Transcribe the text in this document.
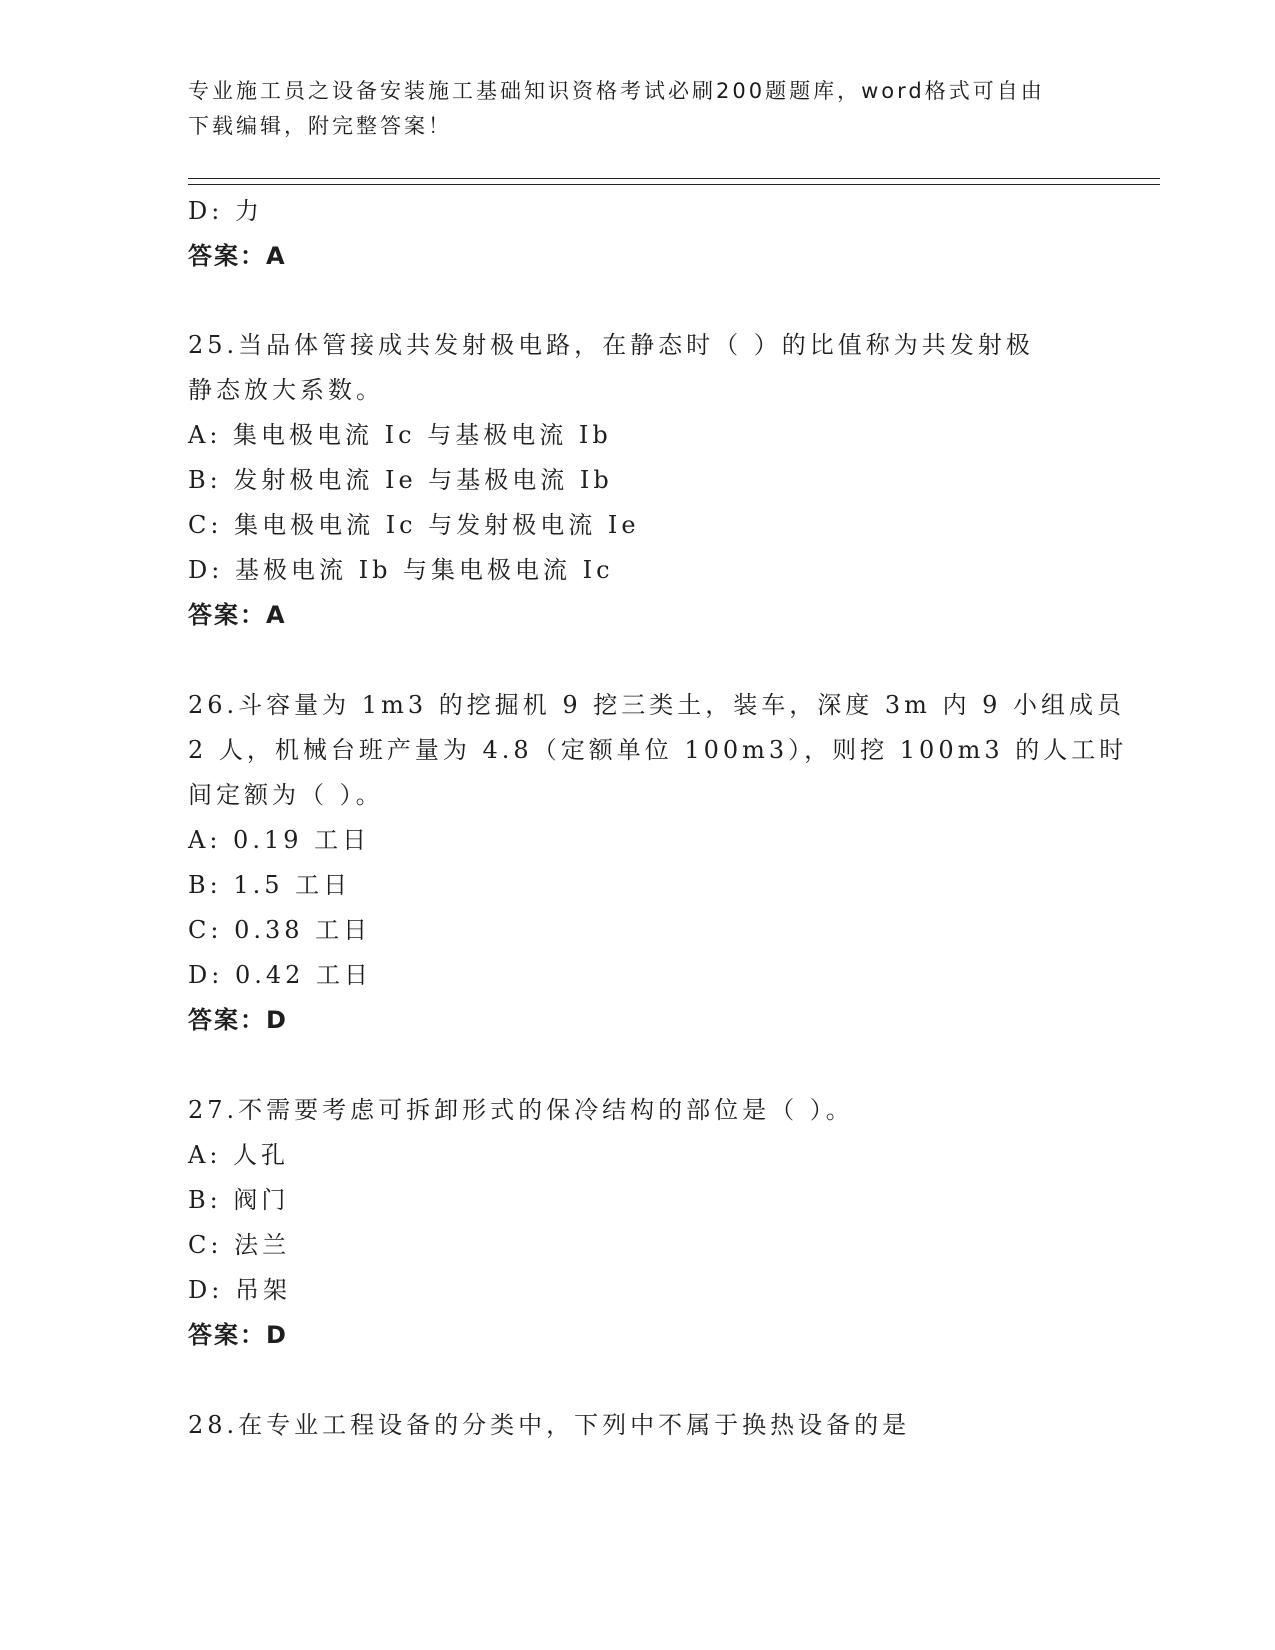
专业施工员之设备安装施工基础知识资格考试必刷200题题库，word格式可自由
下载编辑，附完整答案！
D: 力
答案：A
25.当品体管接成共发射极电路，在静态时（ ）的比值称为共发射极
静态放大系数。
A: 集电极电流 Ic 与基极电流 Ib
B: 发射极电流 Ie 与基极电流 Ib
C: 集电极电流 Ic 与发射极电流 Ie
D: 基极电流 Ib 与集电极电流 Ic
答案：A
26.斗容量为 1m3 的挖掘机 9 挖三类土，装车，深度 3m 内 9 小组成员
2 人，机械台班产量为 4.8（定额单位 100m3），则挖 100m3 的人工时
间定额为（ ）。
A: 0.19 工日
B: 1.5 工日
C: 0.38 工日
D: 0.42 工日
答案：D
27.不需要考虑可拆卸形式的保冷结构的部位是（ ）。
A: 人孔
B: 阀门
C: 法兰
D: 吊架
答案：D
28.在专业工程设备的分类中，下列中不属于换热设备的是
